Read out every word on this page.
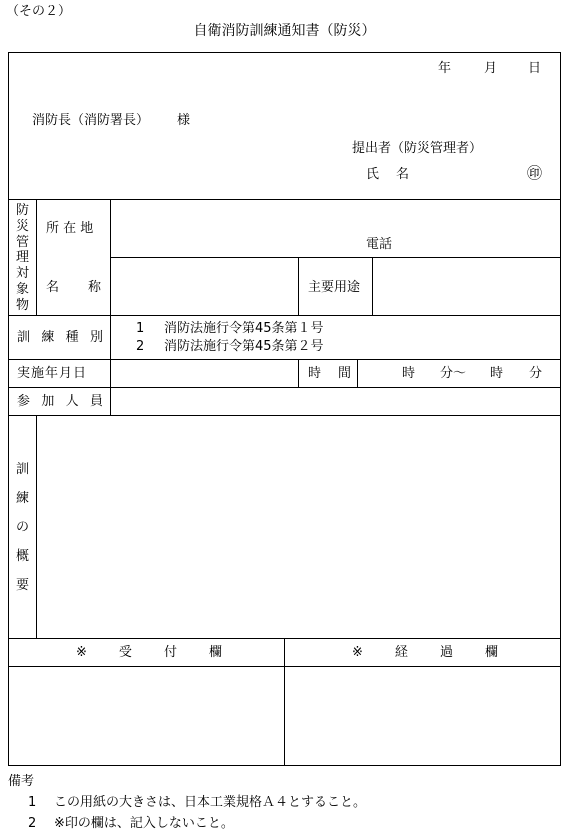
（その２）
自衛消防訓練通知書（防災）
年	月 日
消防長（消防署長） 様
提出者（防災管理者）
氏 名	㊞
防
災
管
理
対
象
物
所 在 地
電話
名 称	主要用途
訓 練 種 別
1 消防法施行令第45条第１号
2 消防法施行令第45条第２号
実施年月日	時 間	時 分〜 時 分
参 加 人 員
訓
練
の
概
要
※ 受 付 欄	※ 経 過 欄
備考
1 この用紙の大きさは、日本工業規格Ａ４とすること。
2 ※印の欄は、記入しないこと。
